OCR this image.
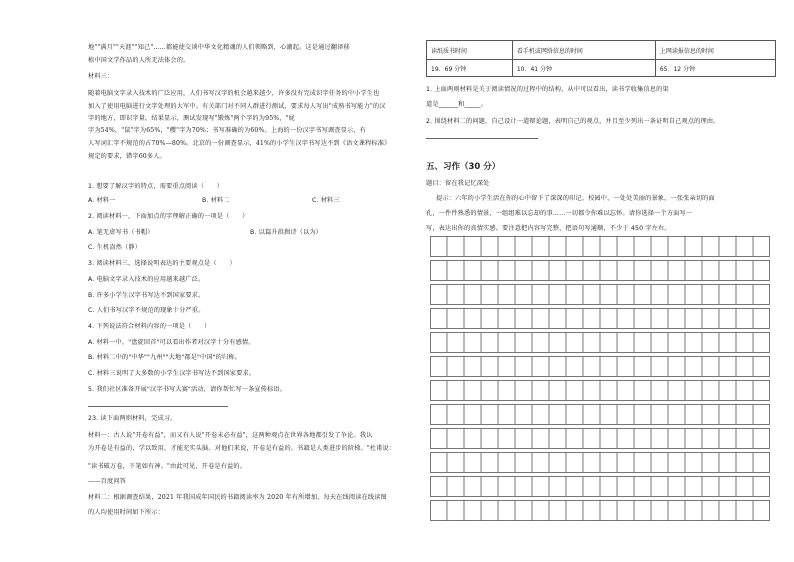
地""满月""天涯""知己"……都能使交谈中华文化精魂的人们领略到，心潮起。这是通过翻译移
植中国文学作品的人所无法体会的。
材料三：
随着电脑文字录入技术的广泛应用，人们书写汉字的机会越来越少，许多没有完成识字任务的中小学生也
加入了使用电脑进行文字处理的大军中。有关部门对不同人群进行测试，要求每人写出"成熟书写能力"的汉
字的地方，即识字量。结果显示，测试发现写"锻炼"两个字的为95%，"屁
字为54%，"鼠"字为65%，"樱"字为70%；书写准确的为60%。上海的一份汉字书写调查显示，有
人写词汇字不规范的占70%—80%。北京的一份调查显示，41%的小学生汉字书写达不到《语文课程标准》
规定的要求，错字60多人。
1. 想要了解汉字的特点，需要重点阅读（　　）
A. 材料一	B. 材料二	C. 材料三
2. 阅读材料一，下面加点的字理解正确的一项是（　　）
A. 笔无虚写书（书帽）	B. 以篇升拱揖诗（以为）
C. 生机盎然（静）
3. 阅读材料三，选择说明表达的主要观点是（　　）
A. 电脑文字录入技术的应用越来越广泛。
B. 许多小学生汉字书写达不到国家要求。
C. 人们书写汉字不规范的现象十分严重。
4. 下列说法符合材料内容的一项是（　　）
A. 材料一中，"盘旋回首"可以看出作者对汉字十分有感情。
B. 材料二中的"中华""九州""大地"都是"中国"的归称。
C. 材料三说明了大多数的小学生汉字书写达不到国家要求。
5. 我们社区准备开展"汉字书写大赛"活动，请你帮忙写一条宣传标语。
23. 读下面两则材料，完成习。
材料一：古人说"开卷有益"，而又有人说"开卷未必有益"，这两种观点在世界各地都引发了争论。我认
为开卷是有益的，学以致用，才能充实头脑。对他们来说，开卷是有益的。书籍是人类进步的阶梯。"杜甫说：
"读书破万卷，下笔如有神。"由此可见，开卷是有益的。
——百度问答
材料二：根据调查结果，2021 年我国成年国民的书籍阅读率为 2020 年有所增加，每天在线阅读在线读图
的人均使用时间如下所示：
读纸质书时间	看手机或网络信息的时间	上网读报信息的时间
19．69 分钟	10．41 分钟	65．12 分钟
1. 上面两则材料是关于阅读情况的过程中的结构，从中可以看出，读书学收集信息的渠
道是______和_____。
2. 围绕材料二的问题，自己设计一道辩论题，表明自己的观点，并且至少列出一条证明自己观点的理由。
五、习作（30 分）
题目：留在我记忆深处
提示：六年的小学生活在你的心中留下了深深的印记。校园中，一处处美丽的景象，一张张亲切的面
孔，一件件熟悉的情景，一组组难以忘却的事……一切都令你难以忘怀。请你选择一个方面写一
写，表达出你的真情实感。要注意把内容写完整，把语句写通顺，不少于 450 字左右。
